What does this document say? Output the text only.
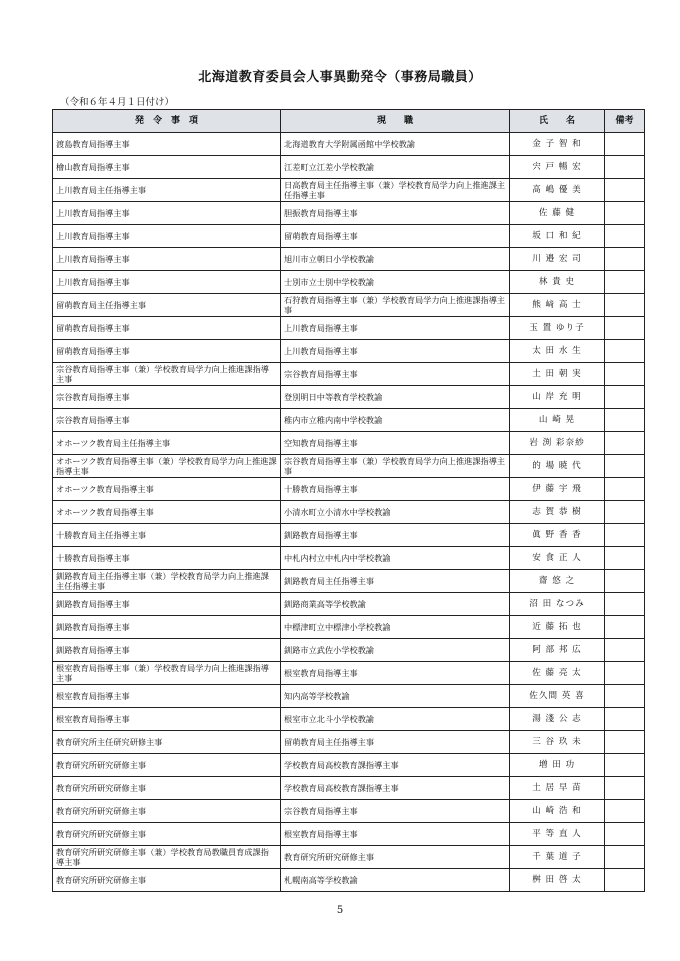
北海道教育委員会人事異動発令（事務局職員）
（令和６年４月１日付け）
発　令　事　項	現　　職	氏　　名	備考
渡島教育局指導主事	北海道教育大学附属函館中学校教諭	金 子 智 和	
檜山教育局指導主事	江差町立江差小学校教諭	宍 戸 暢 宏	
上川教育局主任指導主事	日高教育局主任指導主事（兼）学校教育局学力向上推進課主任指導主事	髙 嶋 優 美	
上川教育局指導主事	胆振教育局指導主事	佐 藤 健	
上川教育局指導主事	留萌教育局指導主事	坂 口 和 紀	
上川教育局指導主事	旭川市立朝日小学校教諭	川 邉 宏 司	
上川教育局指導主事	士別市立士別中学校教諭	林 貴 史	
留萌教育局主任指導主事	石狩教育局指導主事（兼）学校教育局学力向上推進課指導主事	熊 﨑 高 士	
留萌教育局指導主事	上川教育局指導主事	玉 置 ゆり子	
留萌教育局指導主事	上川教育局指導主事	太 田 水 生	
宗谷教育局指導主事（兼）学校教育局学力向上推進課指導主事	宗谷教育局指導主事	土 田 朝 実	
宗谷教育局指導主事	登別明日中等教育学校教諭	山 岸 充 明	
宗谷教育局指導主事	稚内市立稚内南中学校教諭	山 崎 晃	
オホーツク教育局主任指導主事	空知教育局指導主事	岩 渕 彩奈紗	
オホーツク教育局指導主事（兼）学校教育局学力向上推進課指導主事	宗谷教育局指導主事（兼）学校教育局学力向上推進課指導主事	的 場 暁 代	
オホーツク教育局指導主事	十勝教育局指導主事	伊 藤 宇 飛	
オホーツク教育局指導主事	小清水町立小清水中学校教諭	志 賀 恭 樹	
十勝教育局主任指導主事	釧路教育局指導主事	眞 野 香 香	
十勝教育局指導主事	中札内村立中札内中学校教諭	安 食 正 人	
釧路教育局主任指導主事（兼）学校教育局学力向上推進課主任指導主事	釧路教育局主任指導主事	齋 悠 之	
釧路教育局指導主事	釧路商業高等学校教諭	沼 田 なつみ	
釧路教育局指導主事	中標津町立中標津小学校教諭	近 藤 拓 也	
釧路教育局指導主事	釧路市立武佐小学校教諭	阿 部 邦 広	
根室教育局指導主事（兼）学校教育局学力向上推進課指導主事	根室教育局指導主事	佐 藤 亮 太	
根室教育局指導主事	知内高等学校教諭	佐久間 英 喜	
根室教育局指導主事	根室市立北斗小学校教諭	湯 淺 公 志	
教育研究所主任研究研修主事	留萌教育局主任指導主事	三 谷 玖 未	
教育研究所研究研修主事	学校教育局高校教育課指導主事	増 田 功	
教育研究所研究研修主事	学校教育局高校教育課指導主事	土 居 早 苗	
教育研究所研究研修主事	宗谷教育局指導主事	山 崎 浩 和	
教育研究所研究研修主事	根室教育局指導主事	平 等 直 人	
教育研究所研究研修主事（兼）学校教育局教職員育成課指導主事	教育研究所研究研修主事	千 葉 道 子	
教育研究所研究研修主事	札幌南高等学校教諭	桝 田 啓 太	
5
